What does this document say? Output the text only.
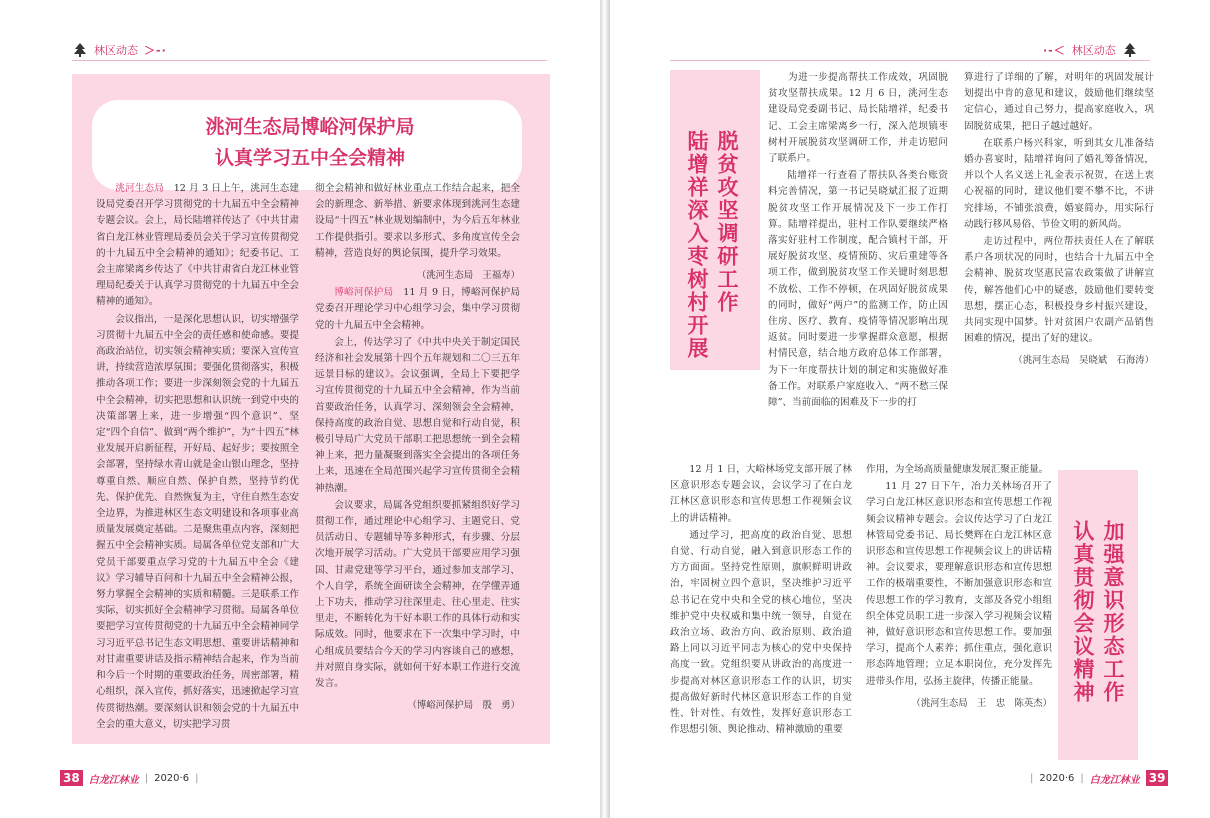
林区动态 ＞-·
洮河生态局博峪河保护局
认真学习五中全会精神

洮河生态局　12 月 3 日上午，洮河生态建设局党委召开学习贯彻党的十九届五中全会精神专题会议。会上，局长陆增祥传达了《中共甘肃省白龙江林业管理局委员会关于学习宣传贯彻党的十九届五中全会精神的通知》；纪委书记、工会主席梁离乡传达了《中共甘肃省白龙江林业管理局纪委关于认真学习贯彻党的十九届五中全会精神的通知》。

会议指出，一是深化思想认识，切实增强学习贯彻十九届五中全会的责任感和使命感。要提高政治站位，切实领会精神实质；要深入宣传宣讲，持续营造浓厚氛围；要强化贯彻落实，积极推动各项工作；要进一步深刻领会党的十九届五中全会精神，切实把思想和认识统一到党中央的决策部署上来，进一步增强“四个意识”、坚定“四个自信”、做到“两个维护”，为“十四五”林业发展开启新征程，开好局、起好步；要按照全会部署，坚持绿水青山就是金山银山理念，坚持尊重自然、顺应自然、保护自然，坚持节约优先、保护优先、自然恢复为主，守住自然生态安全边界，为推进林区生态文明建设和各项事业高质量发展奠定基础。二是聚焦重点内容，深刻把握五中全会精神实质。局属各单位党支部和广大党员干部要重点学习党的十九届五中全会《建议》学习辅导百问和十九届五中全会精神公报，努力掌握全会精神的实质和精髓。三是联系工作实际，切实抓好全会精神学习贯彻。局属各单位要把学习宣传贯彻党的十九届五中全会精神同学习习近平总书记生态文明思想、重要讲话精神和对甘肃重要讲话及指示精神结合起来，作为当前和今后一个时期的重要政治任务，周密部署，精心组织，深入宣传，抓好落实，迅速掀起学习宣传贯彻热潮。要深刻认识和领会党的十九届五中全会的重大意义，切实把学习贯

彻全会精神和做好林业重点工作结合起来，把全会的新理念、新举措、新要求体现到洮河生态建设局“十四五”林业规划编制中，为今后五年林业工作提供指引。要求以多形式、多角度宣传全会精神，营造良好的舆论氛围，提升学习效果。

（洮河生态局　王福寿）

博峪河保护局　11 月 9 日，博峪河保护局党委召开理论学习中心组学习会，集中学习贯彻党的十九届五中全会精神。

会上，传达学习了《中共中央关于制定国民经济和社会发展第十四个五年规划和二〇三五年远景目标的建议》。会议强调，全局上下要把学习宣传贯彻党的十九届五中全会精神，作为当前首要政治任务，认真学习、深刻领会全会精神，保持高度的政治自觉、思想自觉和行动自觉，积极引导局广大党员干部职工把思想统一到全会精神上来，把力量凝聚到落实全会提出的各项任务上来，迅速在全局范围兴起学习宣传贯彻全会精神热潮。

会议要求，局属各党组织要抓紧组织好学习贯彻工作，通过理论中心组学习、主题党日、党员活动日、专题辅导等多种形式，有步骤、分层次地开展学习活动。广大党员干部要应用学习强国、甘肃党建等学习平台，通过参加支部学习、个人自学，系统全面研读全会精神，在学懂弄通上下功夫，推动学习往深里走、往心里走、往实里走，不断转化为干好本职工作的具体行动和实际成效。同时，他要求在下一次集中学习时，中心组成员要结合今天的学习内容谈自己的感想，并对照自身实际，就如何干好本职工作进行交流发言。

（博峪河保护局　殷　勇）

38 白龙江林业 | 2020·6 |
·-＜ 林区动态
脱贫攻坚调研工作
陆增祥深入枣树村开展

　　为进一步提高帮扶工作成效，巩固脱贫攻坚帮扶成果。12 月 6 日，洮河生态建设局党委副书记、局长陆增祥，纪委书记、工会主席梁离乡一行，深入范坝镇枣树村开展脱贫攻坚调研工作，并走访慰问了联系户。

陆增祥一行查看了帮扶队各类台账资料完善情况，第一书记吴晓斌汇报了近期脱贫攻坚工作开展情况及下一步工作打算。陆增祥提出，驻村工作队要继续严格落实好驻村工作制度，配合镇村干部，开展好脱贫攻坚、疫情预防、灾后重建等各项工作，做到脱贫攻坚工作关键时刻思想不放松、工作不停顿，在巩固好脱贫成果的同时，做好“两户”的监测工作，防止因住房、医疗、教育、疫情等情况影响出现返贫。同时要进一步掌握群众意愿，根据村情民意，结合地方政府总体工作部署，为下一年度帮扶计划的制定和实施做好准备工作。对联系户家庭收入、“两不愁三保障”、当前面临的困难及下一步的打

算进行了详细的了解，对明年的巩固发展计划提出中肯的意见和建议，鼓励他们继续坚定信心，通过自己努力，提高家庭收入，巩固脱贫成果，把日子越过越好。

在联系户杨兴科家，听到其女儿准备结婚办喜宴时，陆增祥询问了婚礼筹备情况，并以个人名义送上礼金表示祝贺，在送上衷心祝福的同时，建议他们要不攀不比，不讲究排场，不铺张浪费，婚宴简办，用实际行动践行移风易俗、节俭文明的新风尚。

走访过程中，两位帮扶责任人在了解联系户各项状况的同时，也结合十九届五中全会精神、脱贫攻坚惠民富农政策做了讲解宣传，解答他们心中的疑惑，鼓励他们要转变思想，摆正心态，积极投身乡村振兴建设，共同实现中国梦。针对贫困户农副产品销售困难的情况，提出了好的建议。

（洮河生态局　吴晓斌　石海涛）

　　12 月 1 日，大峪林场党支部开展了林区意识形态专题会议，会议学习了在白龙江林区意识形态和宣传思想工作视频会议上的讲话精神。

通过学习，把高度的政治自觉、思想自觉、行动自觉，融入到意识形态工作的方方面面。坚持党性原则，旗帜鲜明讲政治，牢固树立四个意识，坚决维护习近平总书记在党中央和全党的核心地位，坚决维护党中央权威和集中统一领导，自觉在政治立场、政治方向、政治原则、政治道路上同以习近平同志为核心的党中央保持高度一致。党组织要从讲政治的高度进一步提高对林区意识形态工作的认识，切实提高做好新时代林区意识形态工作的自觉性、针对性、有效性，发挥好意识形态工作思想引领、舆论推动、精神激励的重要

作用，为全场高质量健康发展汇聚正能量。

11 月 27 日下午，冶力关林场召开了学习白龙江林区意识形态和宣传思想工作视频会议精神专题会。会议传达学习了白龙江林管局党委书记、局长樊辉在白龙江林区意识形态和宣传思想工作视频会议上的讲话精神。会议要求，要理解意识形态和宣传思想工作的极端重要性，不断加强意识形态和宣传思想工作的学习教育，支部及各党小组组织全体党员职工进一步深入学习视频会议精神，做好意识形态和宣传思想工作。要加强学习，提高个人素养；抓住重点，强化意识形态阵地管理；立足本职岗位，充分发挥先进带头作用，弘扬主旋律，传播正能量。

（洮河生态局　王　忠　陈英杰）	加强意识形态工作
认真贯彻会议精神
| 2020·6 | 白龙江林业 39
